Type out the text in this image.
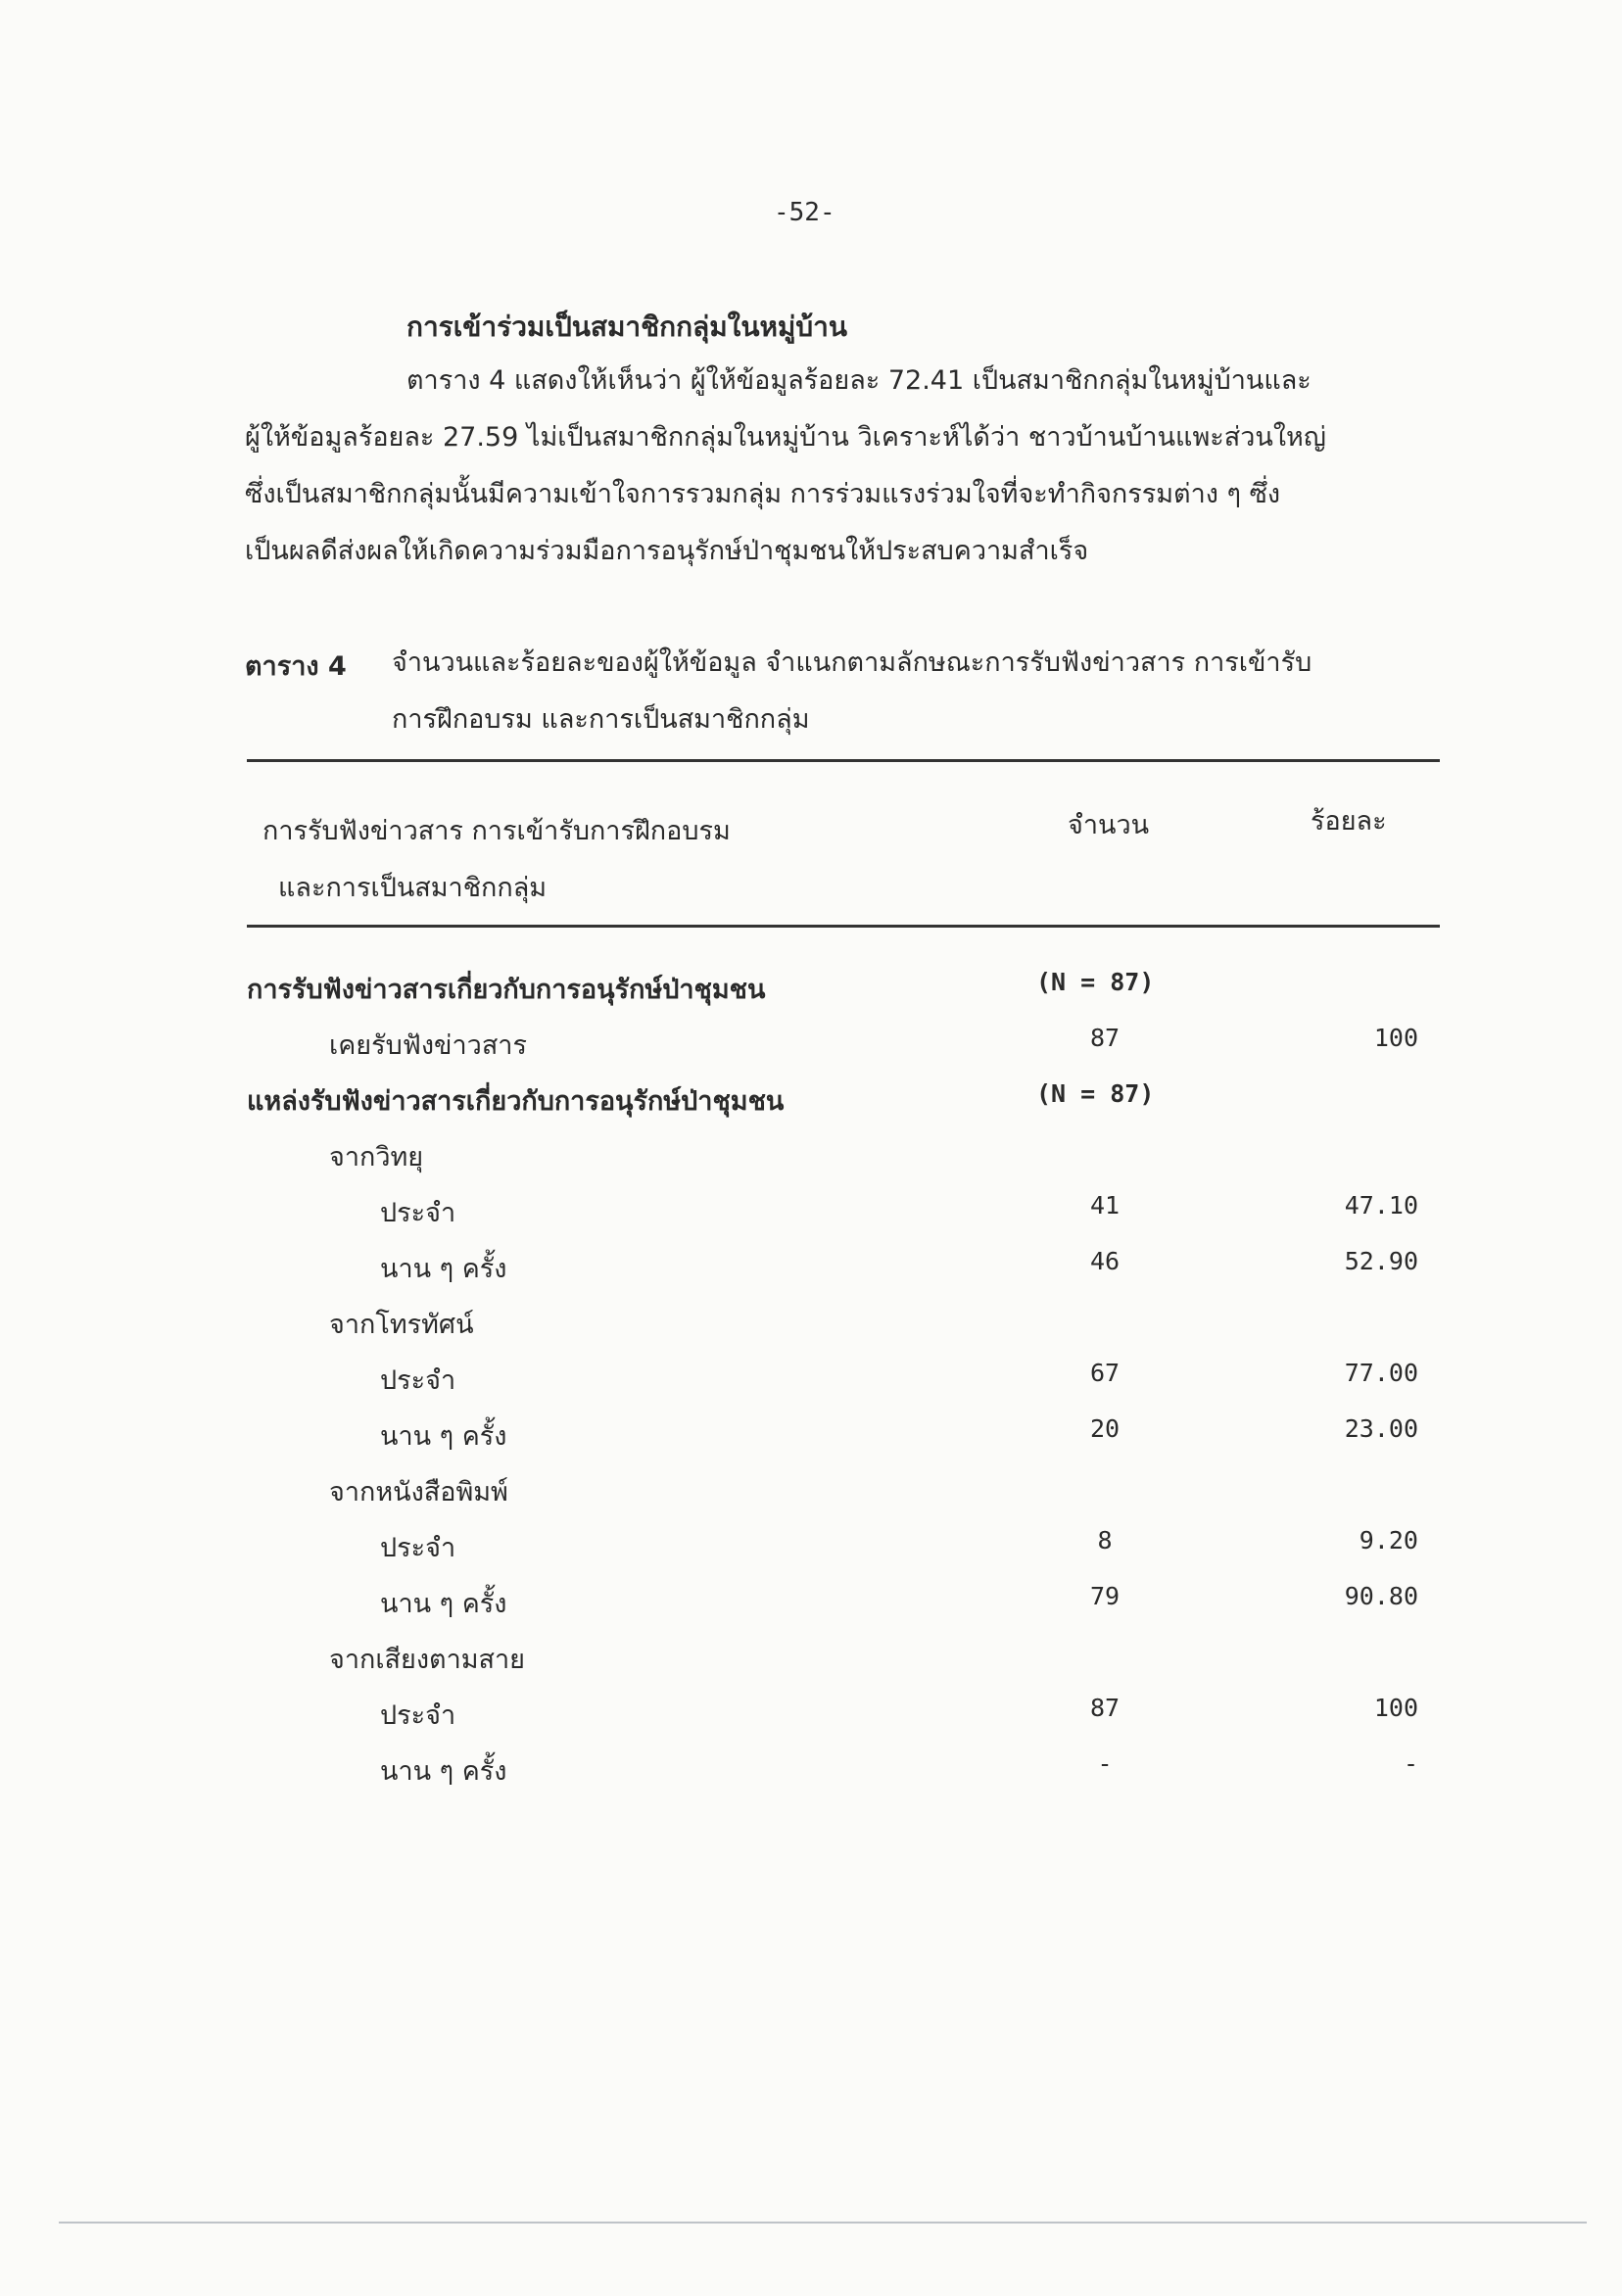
-52-
การเข้าร่วมเป็นสมาชิกกลุ่มในหมู่บ้าน
ตาราง 4 แสดงให้เห็นว่า ผู้ให้ข้อมูลร้อยละ 72.41 เป็นสมาชิกกลุ่มในหมู่บ้านและ
ผู้ให้ข้อมูลร้อยละ 27.59 ไม่เป็นสมาชิกกลุ่มในหมู่บ้าน วิเคราะห์ได้ว่า ชาวบ้านบ้านแพะส่วนใหญ่
ซึ่งเป็นสมาชิกกลุ่มนั้นมีความเข้าใจการรวมกลุ่ม การร่วมแรงร่วมใจที่จะทำกิจกรรมต่าง ๆ ซึ่ง
เป็นผลดีส่งผลให้เกิดความร่วมมือการอนุรักษ์ป่าชุมชนให้ประสบความสำเร็จ
ตาราง 4 จำนวนและร้อยละของผู้ให้ข้อมูล จำแนกตามลักษณะการรับฟังข่าวสาร การเข้ารับ
การฝึกอบรม และการเป็นสมาชิกกลุ่ม
การรับฟังข่าวสาร การเข้ารับการฝึกอบรม
และการเป็นสมาชิกกลุ่ม
จำนวน	ร้อยละ
การรับฟังข่าวสารเกี่ยวกับการอนุรักษ์ป่าชุมชน	(N = 87)
เคยรับฟังข่าวสาร	87	100
แหล่งรับฟังข่าวสารเกี่ยวกับการอนุรักษ์ป่าชุมชน	(N = 87)
จากวิทยุ
ประจำ	41	47.10
นาน ๆ ครั้ง	46	52.90
จากโทรทัศน์
ประจำ	67	77.00
นาน ๆ ครั้ง	20	23.00
จากหนังสือพิมพ์
ประจำ	8	9.20
นาน ๆ ครั้ง	79	90.80
จากเสียงตามสาย
ประจำ	87	100
นาน ๆ ครั้ง	-	-
